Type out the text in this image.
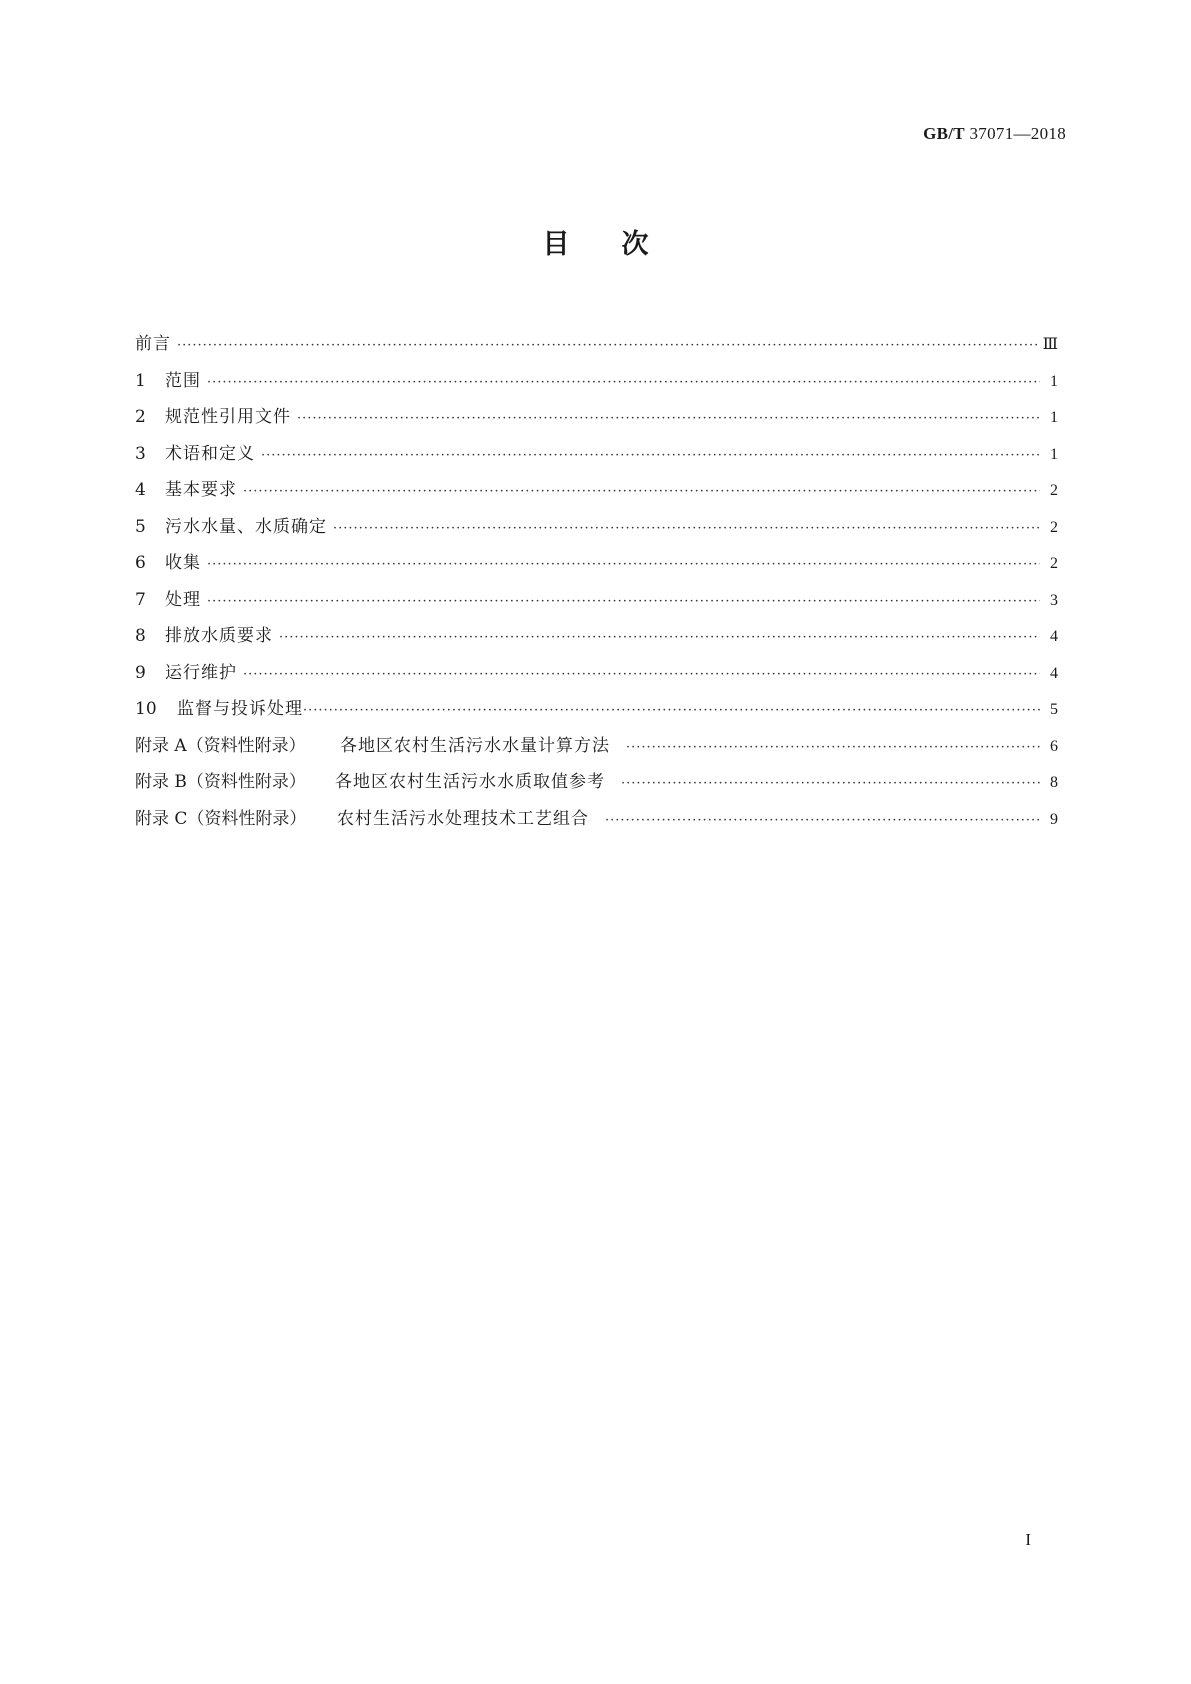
GB/T 37071—2018
目次
前言 ·····	Ⅲ
1	范围 ·····	1
2	规范性引用文件 ·····	1
3	术语和定义 ·····	1
4	基本要求 ·····	2
5	污水水量、水质确定 ·····	2
6	收集 ·····	2
7	处理 ·····	3
8	排放水质要求 ·····	4
9	运行维护 ·····	4
10	监督与投诉处理 ·····	5
附录 A（资料性附录）	各地区农村生活污水水量计算方法 ·····	6
附录 B（资料性附录）	各地区农村生活污水水质取值参考 ·····	8
附录 C（资料性附录）	农村生活污水处理技术工艺组合 ·····	9
I
